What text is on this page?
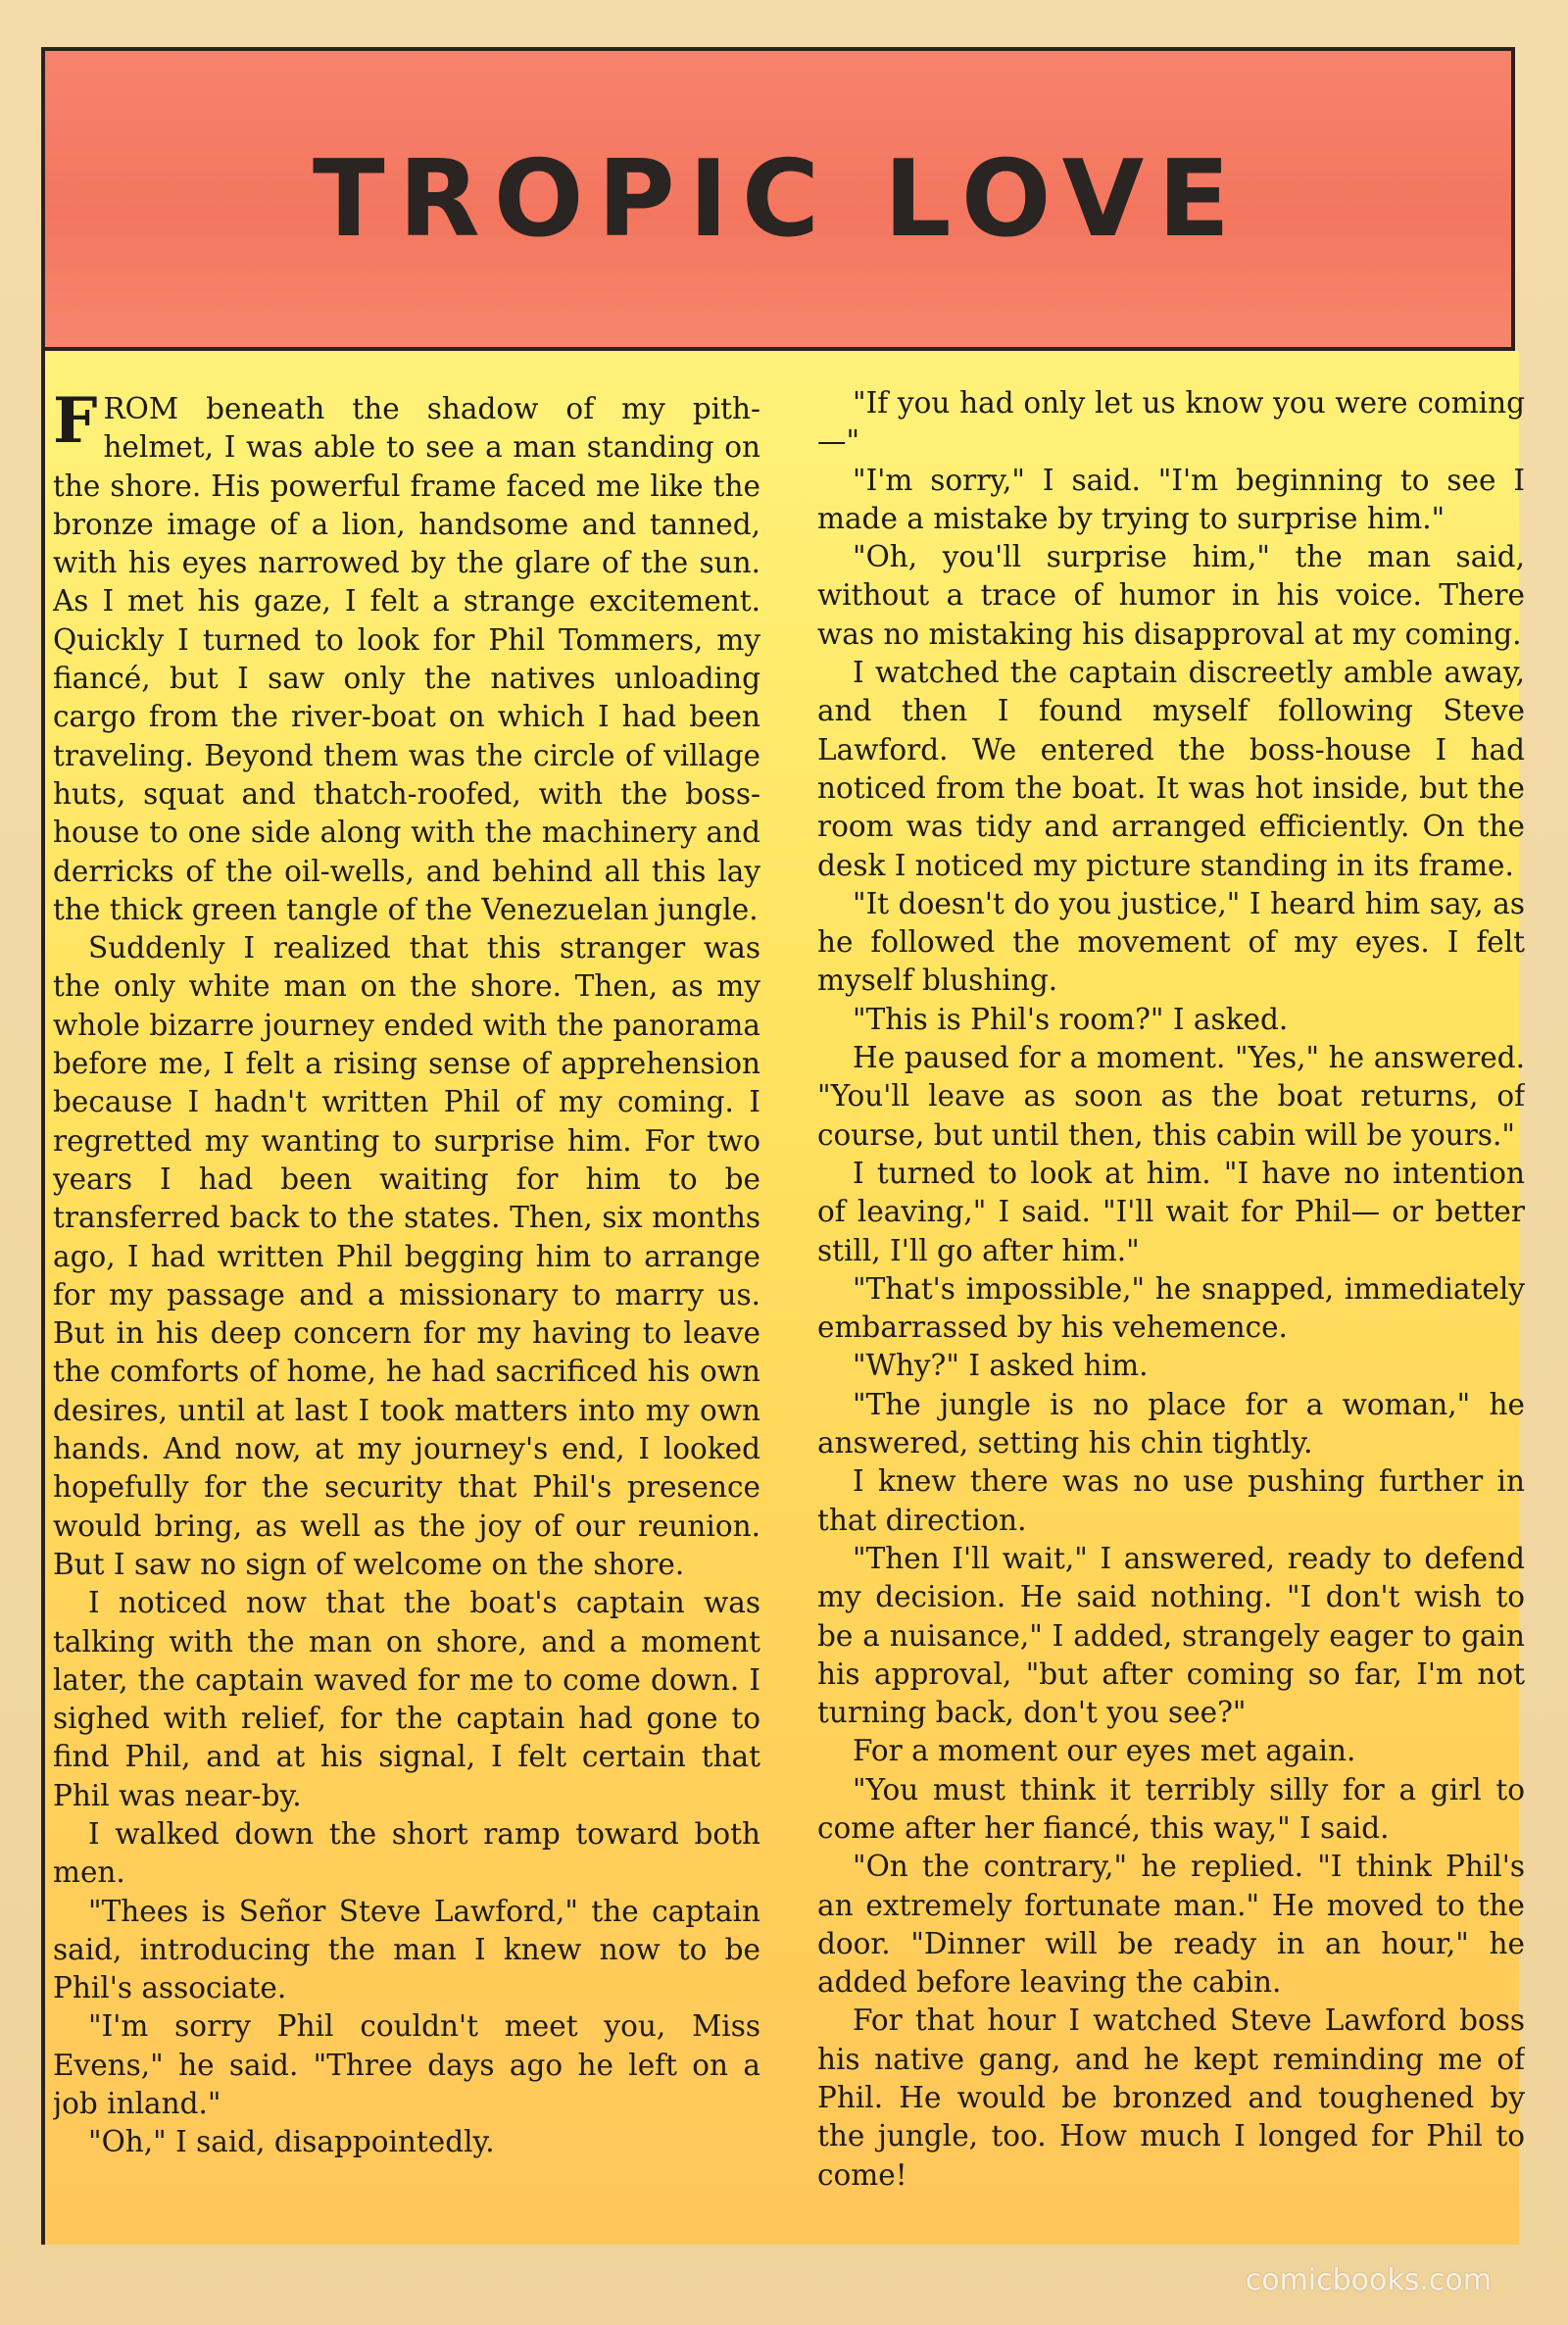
TROPIC LOVE

FROM beneath the shadow of my pith-helmet, I was able to see a man standing on the shore. His powerful frame faced me like the bronze image of a lion, handsome and tanned, with his eyes narrowed by the glare of the sun. As I met his gaze, I felt a strange excitement. Quickly I turned to look for Phil Tommers, my fiancé, but I saw only the natives unloading cargo from the river-boat on which I had been traveling. Beyond them was the circle of village huts, squat and thatch-roofed, with the boss-house to one side along with the machinery and derricks of the oil-wells, and behind all this lay the thick green tangle of the Venezuelan jungle.

Suddenly I realized that this stranger was the only white man on the shore. Then, as my whole bizarre journey ended with the panorama before me, I felt a rising sense of apprehension because I hadn't written Phil of my coming. I regretted my wanting to surprise him. For two years I had been waiting for him to be transferred back to the states. Then, six months ago, I had written Phil begging him to arrange for my passage and a missionary to marry us. But in his deep concern for my having to leave the comforts of home, he had sacrificed his own desires, until at last I took matters into my own hands. And now, at my journey's end, I looked hopefully for the security that Phil's presence would bring, as well as the joy of our reunion. But I saw no sign of welcome on the shore.

I noticed now that the boat's captain was talking with the man on shore, and a moment later, the captain waved for me to come down. I sighed with relief, for the captain had gone to find Phil, and at his signal, I felt certain that Phil was near-by.

I walked down the short ramp toward both men.

"Thees is Señor Steve Lawford," the captain said, introducing the man I knew now to be Phil's associate.

"I'm sorry Phil couldn't meet you, Miss Evens," he said. "Three days ago he left on a job inland."

"Oh," I said, disappointedly.

"If you had only let us know you were coming—"

"I'm sorry," I said. "I'm beginning to see I made a mistake by trying to surprise him."

"Oh, you'll surprise him," the man said, without a trace of humor in his voice. There was no mistaking his disapproval at my coming.

I watched the captain discreetly amble away, and then I found myself following Steve Lawford. We entered the boss-house I had noticed from the boat. It was hot inside, but the room was tidy and arranged efficiently. On the desk I noticed my picture standing in its frame.

"It doesn't do you justice," I heard him say, as he followed the movement of my eyes. I felt myself blushing.

"This is Phil's room?" I asked.

He paused for a moment. "Yes," he answered. "You'll leave as soon as the boat returns, of course, but until then, this cabin will be yours."

I turned to look at him. "I have no intention of leaving," I said. "I'll wait for Phil— or better still, I'll go after him."

"That's impossible," he snapped, immediately embarrassed by his vehemence.

"Why?" I asked him.

"The jungle is no place for a woman," he answered, setting his chin tightly.

I knew there was no use pushing further in that direction.

"Then I'll wait," I answered, ready to defend my decision. He said nothing. "I don't wish to be a nuisance," I added, strangely eager to gain his approval, "but after coming so far, I'm not turning back, don't you see?"

For a moment our eyes met again.

"You must think it terribly silly for a girl to come after her fiancé, this way," I said.

"On the contrary," he replied. "I think Phil's an extremely fortunate man." He moved to the door. "Dinner will be ready in an hour," he added before leaving the cabin.

For that hour I watched Steve Lawford boss his native gang, and he kept reminding me of Phil. He would be bronzed and toughened by the jungle, too. How much I longed for Phil to come!

comicbooks.com
